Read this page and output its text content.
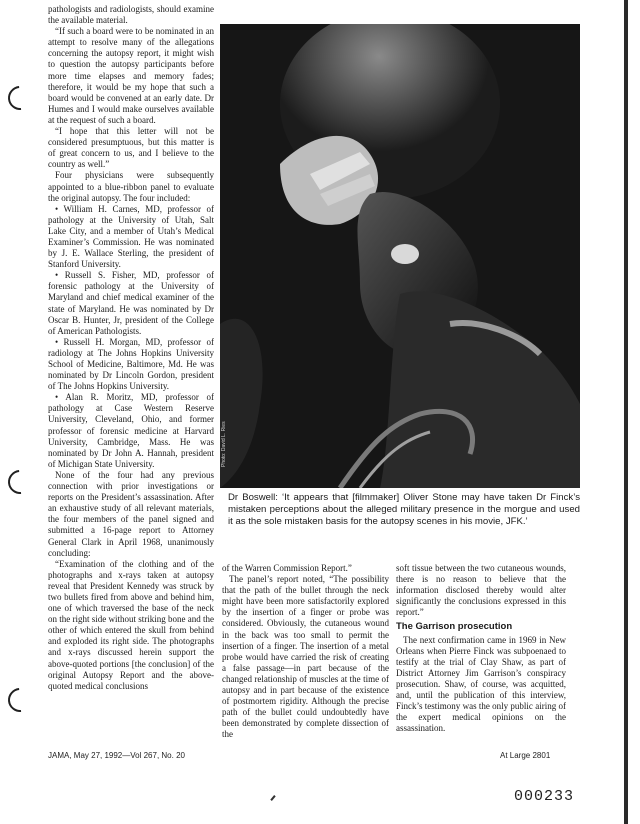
pathologists and radiologists, should examine the available material.

“If such a board were to be nominated in an attempt to resolve many of the allegations concerning the autopsy report, it might wish to question the autopsy participants before more time elapses and memory fades; therefore, it would be my hope that such a board would be convened at an early date. Dr Humes and I would make ourselves available at the request of such a board.

“I hope that this letter will not be considered presumptuous, but this matter is of great concern to us, and I believe to the country as well.”

Four physicians were subsequently appointed to a blue-ribbon panel to evaluate the original autopsy. The four included:

• William H. Carnes, MD, professor of pathology at the University of Utah, Salt Lake City, and a member of Utah’s Medical Examiner’s Commission. He was nominated by J. E. Wallace Sterling, the president of Stanford University.

• Russell S. Fisher, MD, professor of forensic pathology at the University of Maryland and chief medical examiner of the state of Maryland. He was nominated by Dr Oscar B. Hunter, Jr, president of the College of American Pathologists.

• Russell H. Morgan, MD, professor of radiology at The Johns Hopkins University School of Medicine, Baltimore, Md. He was nominated by Dr Lincoln Gordon, president of The Johns Hopkins University.

• Alan R. Moritz, MD, professor of pathology at Case Western Reserve University, Cleveland, Ohio, and former professor of forensic medicine at Harvard University, Cambridge, Mass. He was nominated by Dr John A. Hannah, president of Michigan State University.

None of the four had any previous connection with prior investigations or reports on the President’s assassination. After an exhaustive study of all relevant materials, the four members of the panel signed and submitted a 16-page report to Attorney General Clark in April 1968, unanimously concluding:

“Examination of the clothing and of the photographs and x-rays taken at autopsy reveal that President Kennedy was struck by two bullets fired from above and behind him, one of which traversed the base of the neck on the right side without striking bone and the other of which entered the skull from behind and exploded its right side. The photographs and x-rays discussed herein support the above-quoted portions [the conclusion] of the original Autopsy Report and the above-quoted medical conclusions

Photo: David L. Ries
Dr Boswell: ‘It appears that [filmmaker] Oliver Stone may have taken Dr Finck’s mistaken perceptions about the alleged military presence in the morgue and used it as the sole mistaken basis for the autopsy scenes in his movie, JFK.’

of the Warren Commission Report.”

The panel’s report noted, “The possibility that the path of the bullet through the neck might have been more satisfactorily explored by the insertion of a finger or probe was considered. Obviously, the cutaneous wound in the back was too small to permit the insertion of a finger. The insertion of a metal probe would have carried the risk of creating a false passage—in part because of the changed relationship of muscles at the time of autopsy and in part because of the existence of postmortem rigidity. Although the precise path of the bullet could undoubtedly have been demonstrated by complete dissection of the

soft tissue between the two cutaneous wounds, there is no reason to believe that the information disclosed thereby would alter significantly the conclusions expressed in this report.”

The Garrison prosecution

The next confirmation came in 1969 in New Orleans when Pierre Finck was subpoenaed to testify at the trial of Clay Shaw, as part of District Attorney Jim Garrison’s conspiracy prosecution. Shaw, of course, was acquitted, and, until the publication of this interview, Finck’s testimony was the only public airing of the expert medical opinions on the assassination.

JAMA, May 27, 1992—Vol 267, No. 20	At Large 2801
000233
